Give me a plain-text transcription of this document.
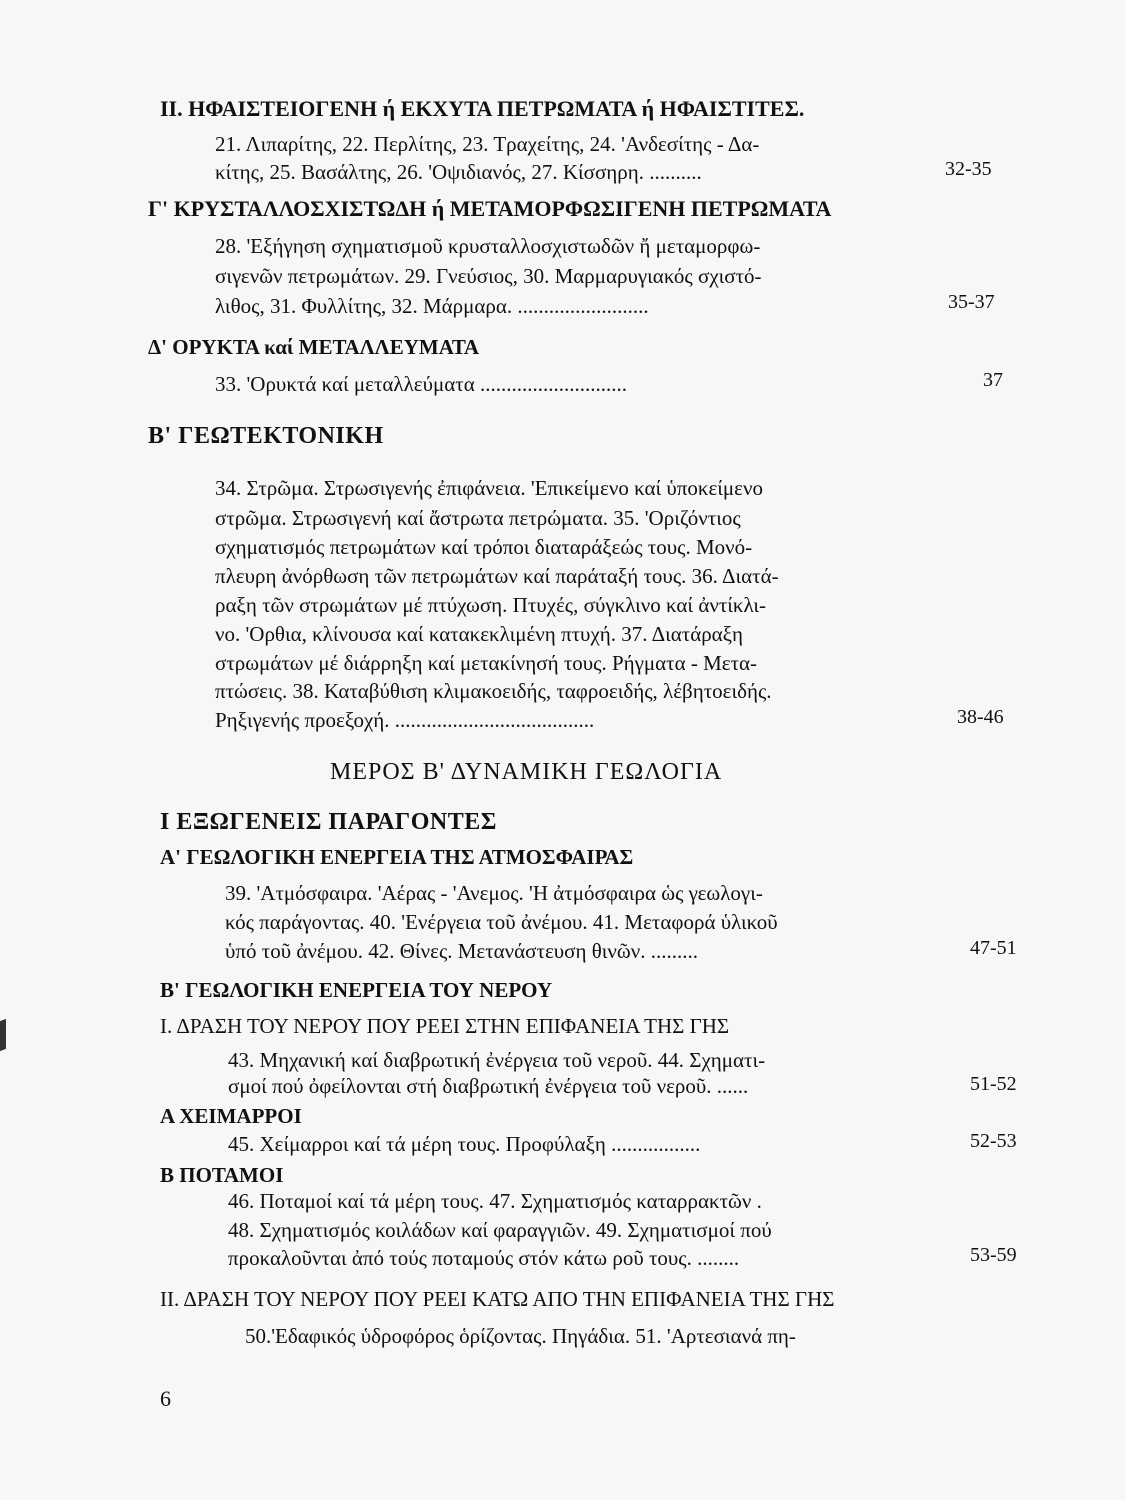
II. ΗΦΑΙΣΤΕΙΟΓΕΝΗ ή ΕΚΧΥΤΑ ΠΕΤΡΩΜΑΤΑ ή ΗΦΑΙΣΤΙΤΕΣ.
21. Λιπαρίτης, 22. Περλίτης, 23. Τραχείτης, 24. 'Ανδεσίτης - Δα-
κίτης, 25. Βασάλτης, 26. 'Οψιδιανός, 27. Κίσσηρη. ..........	32-35
Γ' ΚΡΥΣΤΑΛΛΟΣΧΙΣΤΩΔΗ ή ΜΕΤΑΜΟΡΦΩΣΙΓΕΝΗ ΠΕΤΡΩΜΑΤΑ
28. 'Εξήγηση σχηματισμοῦ κρυσταλλοσχιστωδῶν ἤ μεταμορφω-
σιγενῶν πετρωμάτων. 29. Γνεύσιος, 30. Μαρμαρυγιακός σχιστό-
λιθος, 31. Φυλλίτης, 32. Μάρμαρα. .........................	35-37
Δ' ΟΡΥΚΤΑ καί ΜΕΤΑΛΛΕΥΜΑΤΑ
33. 'Ορυκτά καί μεταλλεύματα ............................	37
Β' ΓΕΩΤΕΚΤΟΝΙΚΗ
34. Στρῶμα. Στρωσιγενής ἐπιφάνεια. 'Επικείμενο καί ὑποκείμενο
στρῶμα. Στρωσιγενή καί ἄστρωτα πετρώματα. 35. 'Οριζόντιος
σχηματισμός πετρωμάτων καί τρόποι διαταράξεώς τους. Μονό-
πλευρη ἀνόρθωση τῶν πετρωμάτων καί παράταξή τους. 36. Διατά-
ραξη τῶν στρωμάτων μέ πτύχωση. Πτυχές, σύγκλινο καί ἀντίκλι-
νο. 'Ορθια, κλίνουσα καί κατακεκλιμένη πτυχή. 37. Διατάραξη
στρωμάτων μέ διάρρηξη καί μετακίνησή τους. Ρήγματα - Μετα-
πτώσεις. 38. Καταβύθιση κλιμακοειδής, ταφροειδής, λέβητοειδής.
Ρηξιγενής προεξοχή. ......................................	38-46
ΜΕΡΟΣ Β' ΔΥΝΑΜΙΚΗ ΓΕΩΛΟΓΙΑ
Ι ΕΞΩΓΕΝΕΙΣ ΠΑΡΑΓΟΝΤΕΣ
Α' ΓΕΩΛΟΓΙΚΗ ΕΝΕΡΓΕΙΑ ΤΗΣ ΑΤΜΟΣΦΑΙΡΑΣ
39. 'Ατμόσφαιρα. 'Αέρας - 'Ανεμος. 'Η ἀτμόσφαιρα ὡς γεωλογι-
κός παράγοντας. 40. 'Ενέργεια τοῦ ἀνέμου. 41. Μεταφορά ὑλικοῦ
ὑπό τοῦ ἀνέμου. 42. Θίνες. Μετανάστευση θινῶν. .........	47-51
Β' ΓΕΩΛΟΓΙΚΗ ΕΝΕΡΓΕΙΑ ΤΟΥ ΝΕΡΟΥ
Ι. ΔΡΑΣΗ ΤΟΥ ΝΕΡΟΥ ΠΟΥ ΡΕΕΙ ΣΤΗΝ ΕΠΙΦΑΝΕΙΑ ΤΗΣ ΓΗΣ
43. Μηχανική καί διαβρωτική ἐνέργεια τοῦ νεροῦ. 44. Σχηματι-
σμοί πού ὀφείλονται στή διαβρωτική ἐνέργεια τοῦ νεροῦ. ......	51-52
Α ΧΕΙΜΑΡΡΟΙ
45. Χείμαρροι καί τά μέρη τους. Προφύλαξη .................	52-53
Β ΠΟΤΑΜΟΙ
46. Ποταμοί καί τά μέρη τους. 47. Σχηματισμός καταρρακτῶν .
48. Σχηματισμός κοιλάδων καί φαραγγιῶν. 49. Σχηματισμοί πού
προκαλοῦνται ἀπό τούς ποταμούς στόν κάτω ροῦ τους. ........	53-59
ΙΙ. ΔΡΑΣΗ ΤΟΥ ΝΕΡΟΥ ΠΟΥ ΡΕΕΙ ΚΑΤΩ ΑΠΟ ΤΗΝ ΕΠΙΦΑΝΕΙΑ ΤΗΣ ΓΗΣ
50.'Εδαφικός ὑδροφόρος ὁρίζοντας. Πηγάδια. 51. 'Αρτεσιανά πη-
6
